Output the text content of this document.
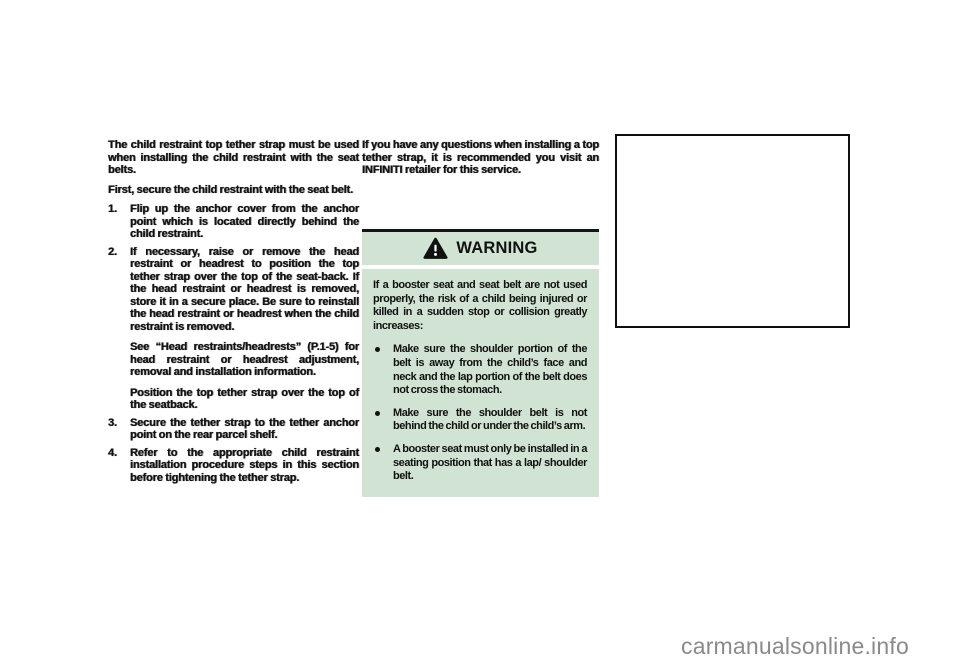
The child restraint top tether strap must be used when installing the child restraint with the seat belts.

First, secure the child restraint with the seat belt.

1. Flip up the anchor cover from the anchor point which is located directly behind the child restraint.
2. If necessary, raise or remove the head restraint or headrest to position the top tether strap over the top of the seat-back. If the head restraint or headrest is removed, store it in a secure place. Be sure to reinstall the head restraint or headrest when the child restraint is removed.

See “Head restraints/headrests” (P.1-5) for head restraint or headrest adjustment, removal and installation information.

Position the top tether strap over the top of the seatback.

3. Secure the tether strap to the tether anchor point on the rear parcel shelf.
4. Refer to the appropriate child restraint installation procedure steps in this section before tightening the tether strap.

If you have any questions when installing a top tether strap, it is recommended you visit an INFINITI retailer for this service.

WARNING

If a booster seat and seat belt are not used properly, the risk of a child being injured or killed in a sudden stop or collision greatly increases:

Make sure the shoulder portion of the belt is away from the child’s face and neck and the lap portion of the belt does not cross the stomach.
Make sure the shoulder belt is not behind the child or under the child’s arm.
A booster seat must only be installed in a seating position that has a lap/ shoulder belt.
carmanualsonline.info
